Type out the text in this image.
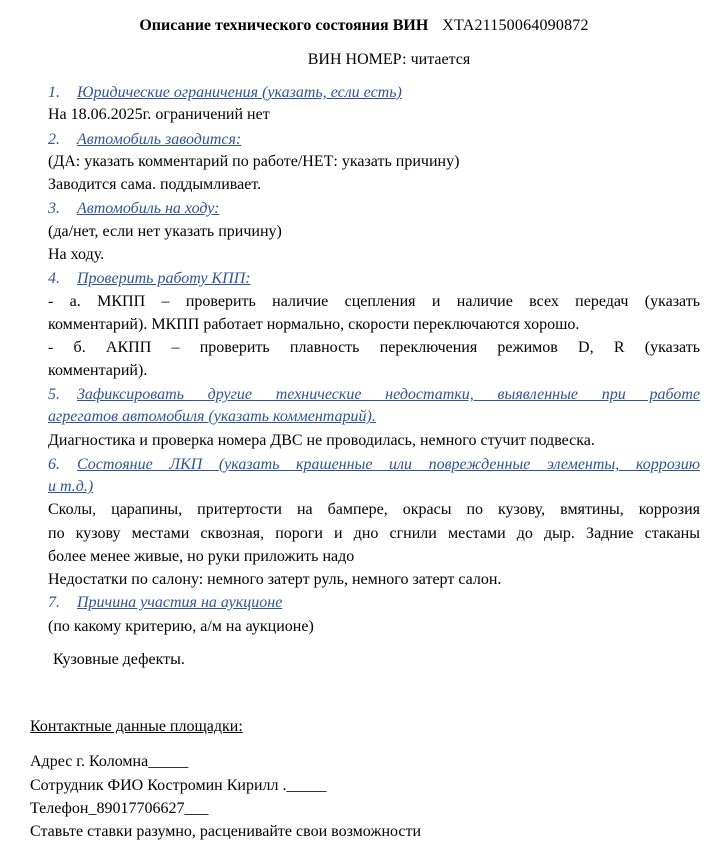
Описание технического состояния ВИН XTA21150064090872
ВИН НОМЕР: читается
1. Юридические ограничения (указать, если есть)
На 18.06.2025г. ограничений нет
2. Автомобиль заводится:
(ДА: указать комментарий по работе/НЕТ: указать причину)
Заводится сама. поддымливает.
3. Автомобиль на ходу:
(да/нет, если нет указать причину)
На ходу.
4. Проверить работу КПП:
- а. МКПП – проверить наличие сцепления и наличие всех передач (указать
комментарий). МКПП работает нормально, скорости переключаются хорошо.
- б. АКПП – проверить плавность переключения режимов D, R (указать
комментарий).
5.	Зафиксировать другие технические недостатки, выявленные при работе
агрегатов автомобиля (указать комментарий).
Диагностика и проверка номера ДВС не проводилась, немного стучит подвеска.
6.	Состояние ЛКП (указать крашенные или поврежденные элементы, коррозию
и т.д.)
Сколы, царапины, притертости на бампере, окрасы по кузову, вмятины, коррозия
по кузову местами сквозная, пороги и дно сгнили местами до дыр. Задние стаканы
более менее живые, но руки приложить надо
Недостатки по салону: немного затерт руль, немного затерт салон.
7. Причина участия на аукционе
(по какому критерию, а/м на аукционе)
Кузовные дефекты.
Контактные данные площадки:
Адрес г. Коломна_____
Сотрудник ФИО Костромин Кирилл ._____
Телефон_89017706627___
Ставьте ставки разумно, расценивайте свои возможности
